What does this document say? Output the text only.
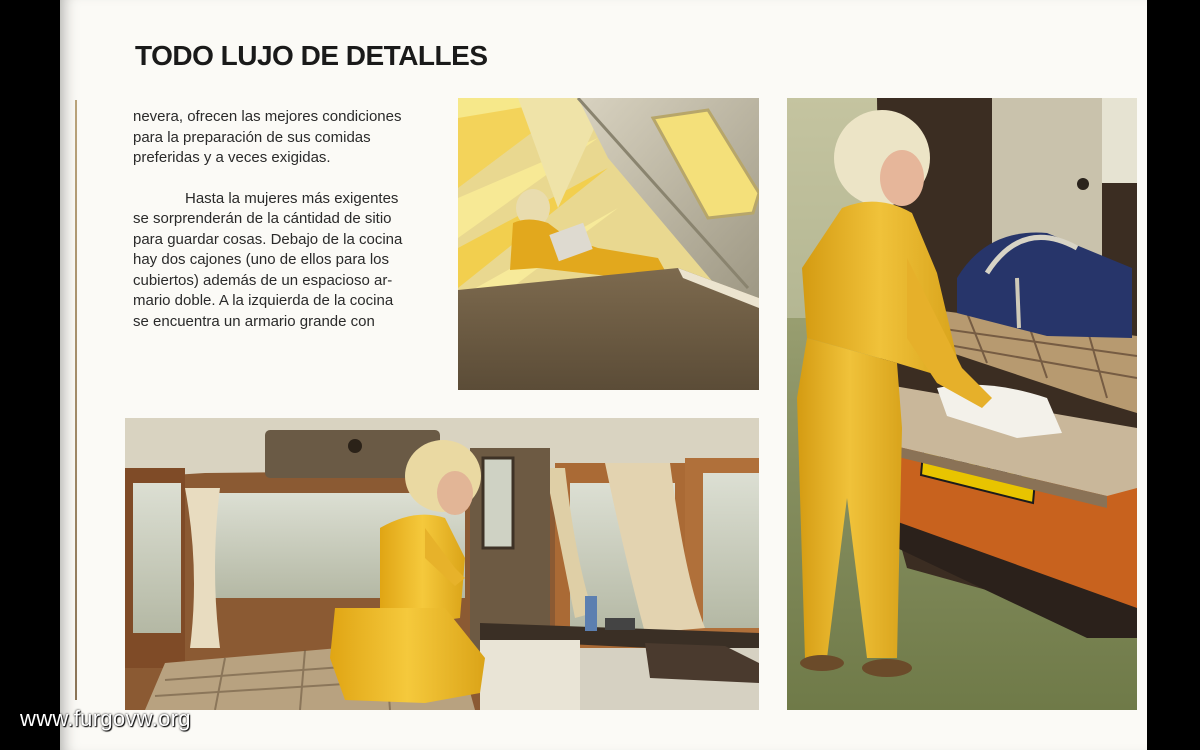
TODO LUJO DE DETALLES

nevera, ofrecen las mejores condiciones
para la preparación de sus comidas
preferidas y a veces exigidas.

Hasta la mujeres más exigentes
se sorprenderán de la cántidad de sitio
para guardar cosas. Debajo de la cocina
hay dos cajones (uno de ellos para los
cubiertos) además de un espacioso ar-
mario doble. A la izquierda de la cocina
se encuentra un armario grande con

www.furgovw.org
